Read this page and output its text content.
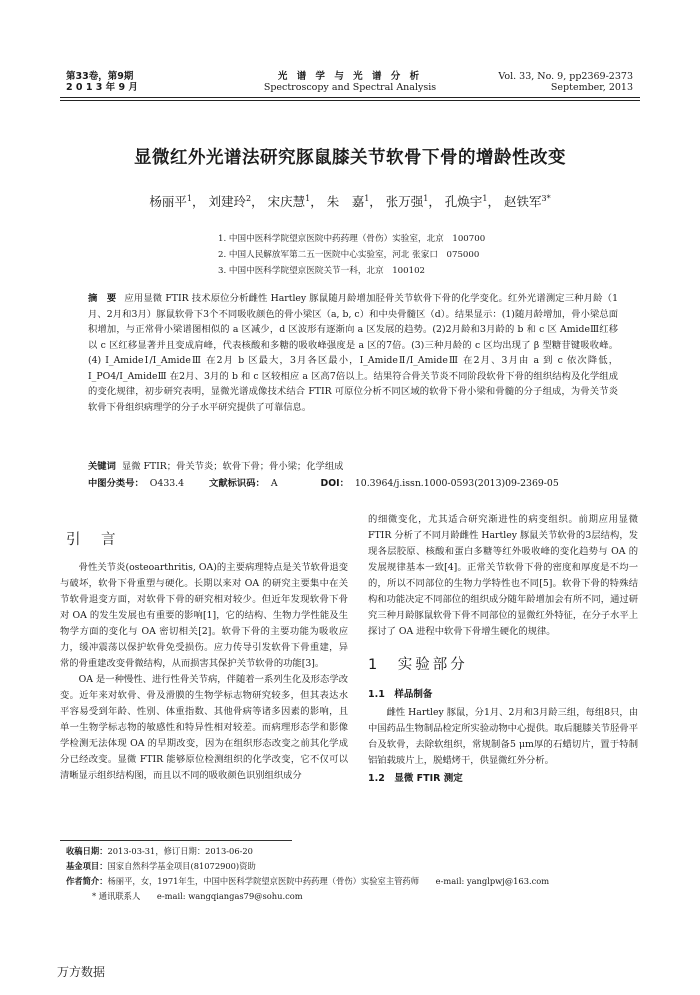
第33卷，第9期
2 0 1 3 年 9 月
光 谱 学 与 光 谱 分 析
Spectroscopy and Spectral Analysis
Vol. 33, No. 9, pp2369-2373
September, 2013
显微红外光谱法研究豚鼠膝关节软骨下骨的增龄性改变
杨丽平$^1$， 刘建玲$^2$， 宋庆慧$^1$， 朱　嘉$^1$， 张万强$^1$， 孔焕宇$^1$， 赵铁军$^{3*}$
1. 中国中医科学院望京医院中药药理（骨伤）实验室，北京　100700
2. 中国人民解放军第二五一医院中心实验室，河北 张家口　075000
3. 中国中医科学院望京医院关节一科，北京　100102
摘　要 应用显微 FTIR 技术原位分析雌性 Hartley 豚鼠随月龄增加胫骨关节软骨下骨的化学变化。红外光谱测定三种月龄（1月、2月和3月）豚鼠软骨下3个不同吸收颜色的骨小梁区（a, b, c）和中央骨髓区（d）。结果显示：(1)随月龄增加，骨小梁总面积增加，与正常骨小梁谱图相似的 a 区减少，d 区波形有逐渐向 a 区发展的趋势。(2)2月龄和3月龄的 b 和 c 区 AmideⅢ红移以 c 区红移显著并且变成肩峰，代表核酸和多糖的吸收峰强度是 a 区的7倍。(3)三种月龄的 c 区均出现了 β 型糖苷键吸收峰。(4) I_AmideⅠ/I_AmideⅢ 在2月 b 区最大，3月各区最小，I_AmideⅡ/I_AmideⅢ 在2月、3月由 a 到 c 依次降低，I_PO4/I_AmideⅢ 在2月、3月的 b 和 c 区较相应 a 区高7倍以上。结果符合骨关节炎不同阶段软骨下骨的组织结构及化学组成的变化规律，初步研究表明，显微光谱成像技术结合 FTIR 可原位分析不同区域的软骨下骨小梁和骨髓的分子组成，为骨关节炎软骨下骨组织病理学的分子水平研究提供了可靠信息。
关键词 显微 FTIR；骨关节炎；软骨下骨；骨小梁；化学组成
中图分类号： O433.4	文献标识码： A	DOI： 10.3964/j.issn.1000-0593(2013)09-2369-05
引　言

骨性关节炎(osteoarthritis, OA)的主要病理特点是关节软骨退变与破坏，软骨下骨重塑与硬化。长期以来对 OA 的研究主要集中在关节软骨退变方面，对软骨下骨的研究相对较少。但近年发现软骨下骨对 OA 的发生发展也有重要的影响[1]，它的结构、生物力学性能及生物学方面的变化与 OA 密切相关[2]。软骨下骨的主要功能为吸收应力，缓冲震荡以保护软骨免受损伤。应力传导引发软骨下骨重建，异常的骨重建改变骨微结构，从而损害其保护关节软骨的功能[3]。

OA 是一种慢性、进行性骨关节病，伴随着一系列生化及形态学改变。近年来对软骨、骨及滑膜的生物学标志物研究较多，但其表达水平容易受到年龄、性别、体重指数、其他骨病等诸多因素的影响，且单一生物学标志物的敏感性和特异性相对较差。而病理形态学和影像学检测无法体现 OA 的早期改变，因为在组织形态改变之前其化学成分已经改变。显微 FTIR 能够原位检测组织的化学改变，它不仅可以清晰显示组织结构图，而且以不同的吸收颜色识别组织成分

的细微变化，尤其适合研究渐进性的病变组织。前期应用显微 FTIR 分析了不同月龄雌性 Hartley 豚鼠关节软骨的3层结构，发现各层胶原、核酸和蛋白多糖等红外吸收峰的变化趋势与 OA 的发展规律基本一致[4]。正常关节软骨下骨的密度和厚度是不均一的，所以不同部位的生物力学特性也不同[5]。软骨下骨的特殊结构和功能决定不同部位的组织成分随年龄增加会有所不同，通过研究三种月龄豚鼠软骨下骨不同部位的显微红外特征，在分子水平上探讨了 OA 进程中软骨下骨增生硬化的规律。

1　实验部分
1.1　样品制备

雌性 Hartley 豚鼠，分1月、2月和3月龄三组，每组8只，由中国药品生物制品检定所实验动物中心提供。取后腿膝关节胫骨平台及软骨，去除软组织，常规制备5 μm厚的石蜡切片，置于特制铝铂载玻片上，脱蜡烤干，供显微红外分析。

1.2　显微 FTIR 测定
收稿日期：2013-03-31，修订日期：2013-06-20
基金项目：国家自然科学基金项目(81072900)资助
作者简介：杨丽平，女，1971年生，中国中医科学院望京医院中药药理（骨伤）实验室主管药师 e-mail: yanglpwj@163.com
* 通讯联系人 e-mail: wangqiangas79@sohu.com
万方数据
